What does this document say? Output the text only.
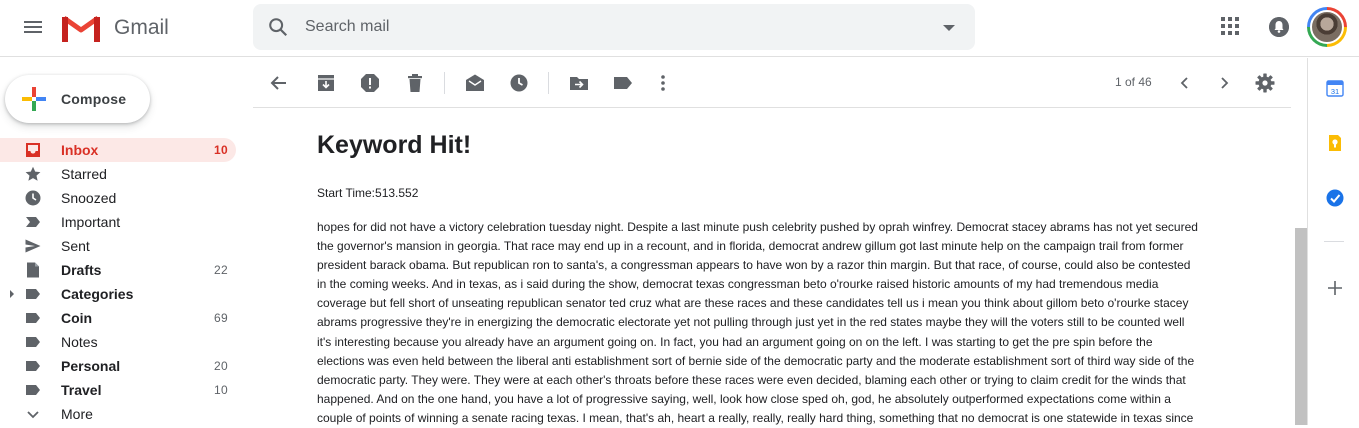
Gmail
Search mail
Compose
Inbox	10
Starred
Snoozed
Important
Sent
Drafts	22
Categories
Coin	69
Notes
Personal	20
Travel	10
More
1 of 46
Keyword Hit!
Start Time:513.552
hopes for did not have a victory celebration tuesday night. Despite a last minute push celebrity pushed by oprah winfrey. Democrat stacey abrams has not yet secured
the governor's mansion in georgia. That race may end up in a recount, and in florida, democrat andrew gillum got last minute help on the campaign trail from former
president barack obama. But republican ron to santa's, a congressman appears to have won by a razor thin margin. But that race, of course, could also be contested
in the coming weeks. And in texas, as i said during the show, democrat texas congressman beto o'rourke raised historic amounts of my had tremendous media
coverage but fell short of unseating republican senator ted cruz what are these races and these candidates tell us i mean you think about gillom beto o'rourke stacey
abrams progressive they're in energizing the democratic electorate yet not pulling through just yet in the red states maybe they will the voters still to be counted well
it's interesting because you already have an argument going on. In fact, you had an argument going on on the left. I was starting to get the pre spin before the
elections was even held between the liberal anti establishment sort of bernie side of the democratic party and the moderate establishment sort of third way side of the
democratic party. They were. They were at each other's throats before these races were even decided, blaming each other or trying to claim credit for the winds that
happened. And on the one hand, you have a lot of progressive saying, well, look how close sped oh, god, he absolutely outperformed expectations come within a
couple of points of winning a senate racing texas. I mean, that's ah, heart a really, really, really hard thing, something that no democrat is one statewide in texas since
31
